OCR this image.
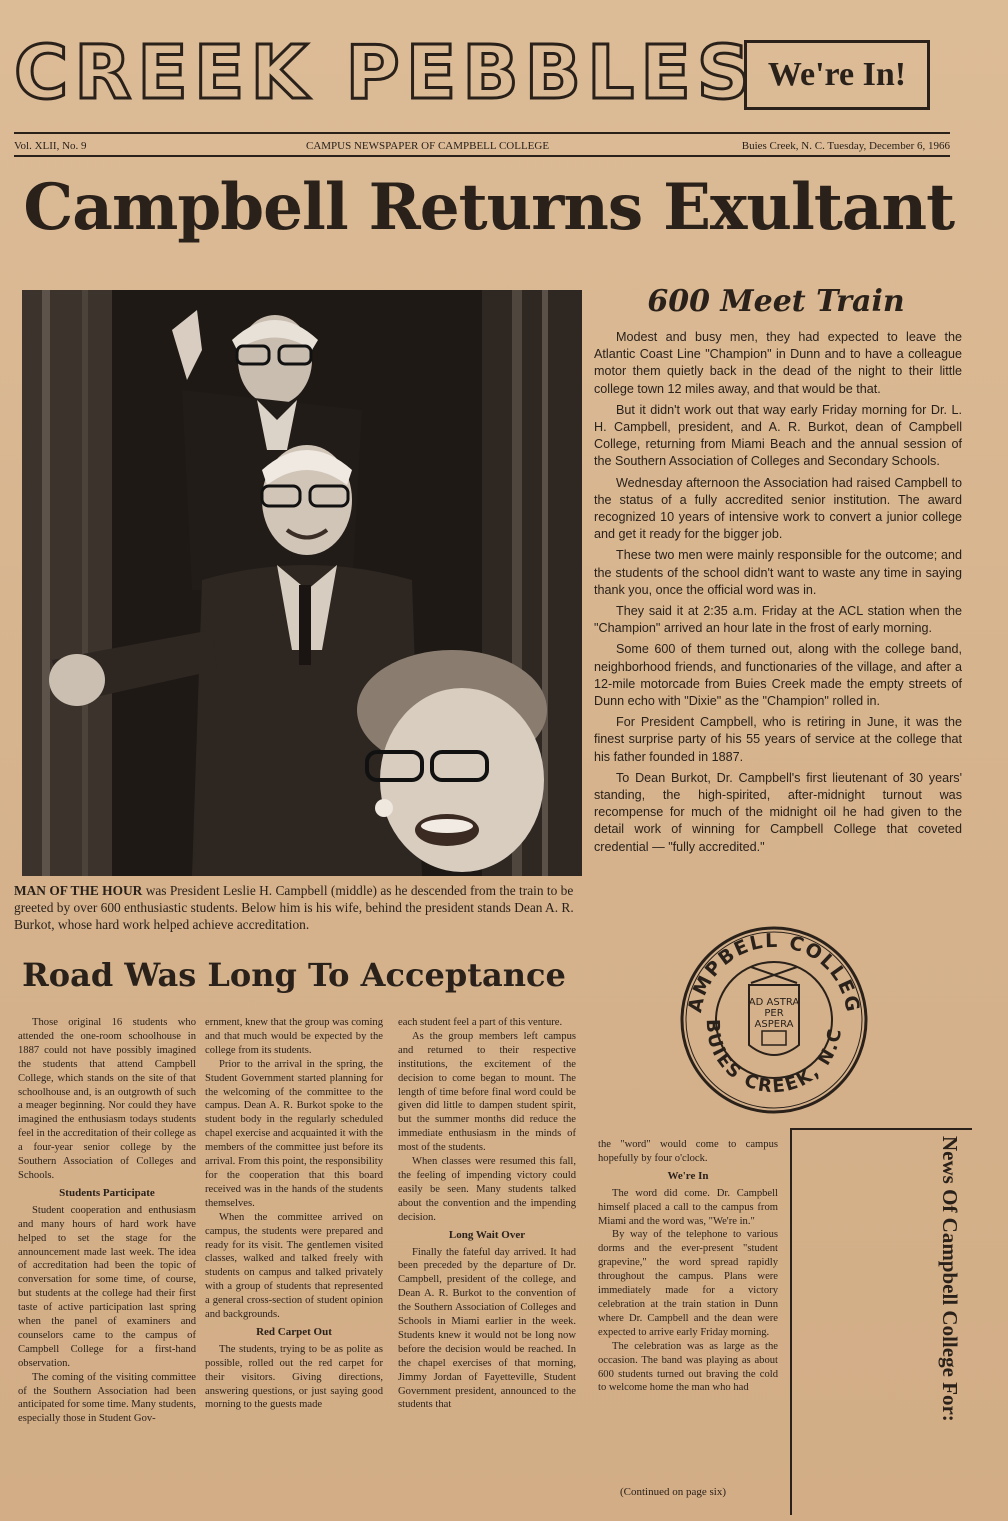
CREEK PEBBLES We're In!
Vol. XLII, No. 9	CAMPUS NEWSPAPER OF CAMPBELL COLLEGE	Buies Creek, N. C. Tuesday, December 6, 1966
Campbell Returns Exultant
MAN OF THE HOUR was President Leslie H. Campbell (middle) as he descended from the train to be greeted by over 600 enthusiastic students. Below him is his wife, behind the president stands Dean A. R. Burkot, whose hard work helped achieve accreditation.
600 Meet Train

Modest and busy men, they had expected to leave the Atlantic Coast Line "Champion" in Dunn and to have a colleague motor them quietly back in the dead of the night to their little college town 12 miles away, and that would be that.

But it didn't work out that way early Friday morning for Dr. L. H. Campbell, president, and A. R. Burkot, dean of Campbell College, returning from Miami Beach and the annual session of the Southern Association of Colleges and Secondary Schools.

Wednesday afternoon the Association had raised Campbell to the status of a fully accredited senior institution. The award recognized 10 years of intensive work to convert a junior college and get it ready for the bigger job.

These two men were mainly responsible for the outcome; and the students of the school didn't want to waste any time in saying thank you, once the official word was in.

They said it at 2:35 a.m. Friday at the ACL station when the "Champion" arrived an hour late in the frost of early morning.

Some 600 of them turned out, along with the college band, neighborhood friends, and functionaries of the village, and after a 12-mile motorcade from Buies Creek made the empty streets of Dunn echo with "Dixie" as the "Champion" rolled in.

For President Campbell, who is retiring in June, it was the finest surprise party of his 55 years of service at the college that his father founded in 1887.

To Dean Burkot, Dr. Campbell's first lieutenant of 30 years' standing, the high-spirited, after-midnight turnout was recompense for much of the midnight oil he had given to the detail work of winning for Campbell College that coveted credential — "fully accredited."

AMPBELL COLLEG
BUIES CREEK, N.C
AD ASTRA
PER
ASPERA
Road Was Long To Acceptance

Those original 16 students who attended the one-room schoolhouse in 1887 could not have possibly imagined the students that attend Campbell College, which stands on the site of that schoolhouse and, is an outgrowth of such a meager beginning. Nor could they have imagined the enthusiasm todays students feel in the accreditation of their college as a four-year senior college by the Southern Association of Colleges and Schools.

Students Participate

Student cooperation and enthusiasm and many hours of hard work have helped to set the stage for the announcement made last week. The idea of accreditation had been the topic of conversation for some time, of course, but students at the college had their first taste of active participation last spring when the panel of examiners and counselors came to the campus of Campbell College for a first-hand observation.

The coming of the visiting committee of the Southern Association had been anticipated for some time. Many students, especially those in Student Gov-

ernment, knew that the group was coming and that much would be expected by the college from its students.

Prior to the arrival in the spring, the Student Government started planning for the welcoming of the committee to the campus. Dean A. R. Burkot spoke to the student body in the regularly scheduled chapel exercise and acquainted it with the members of the committee just before its arrival. From this point, the responsibility for the cooperation that this board received was in the hands of the students themselves.

When the committee arrived on campus, the students were prepared and ready for its visit. The gentlemen visited classes, walked and talked freely with students on campus and talked privately with a group of students that represented a general cross-section of student opinion and backgrounds.

Red Carpet Out

The students, trying to be as polite as possible, rolled out the red carpet for their visitors. Giving directions, answering questions, or just saying good morning to the guests made

each student feel a part of this venture.

As the group members left campus and returned to their respective institutions, the excitement of the decision to come began to mount. The length of time before final word could be given did little to dampen student spirit, but the summer months did reduce the immediate enthusiasm in the minds of most of the students.

When classes were resumed this fall, the feeling of impending victory could easily be seen. Many students talked about the convention and the impending decision.

Long Wait Over

Finally the fateful day arrived. It had been preceded by the departure of Dr. Campbell, president of the college, and Dean A. R. Burkot to the convention of the Southern Association of Colleges and Schools in Miami earlier in the week. Students knew it would not be long now before the decision would be reached. In the chapel exercises of that morning, Jimmy Jordan of Fayetteville, Student Government president, announced to the students that

the "word" would come to campus hopefully by four o'clock.

We're In

The word did come. Dr. Campbell himself placed a call to the campus from Miami and the word was, "We're in."

By way of the telephone to various dorms and the ever-present "student grapevine," the word spread rapidly throughout the campus. Plans were immediately made for a victory celebration at the train station in Dunn where Dr. Campbell and the dean were expected to arrive early Friday morning.

The celebration was as large as the occasion. The band was playing as about 600 students turned out braving the cold to welcome home the man who had	News Of Campbell College For:
(Continued on page six)
